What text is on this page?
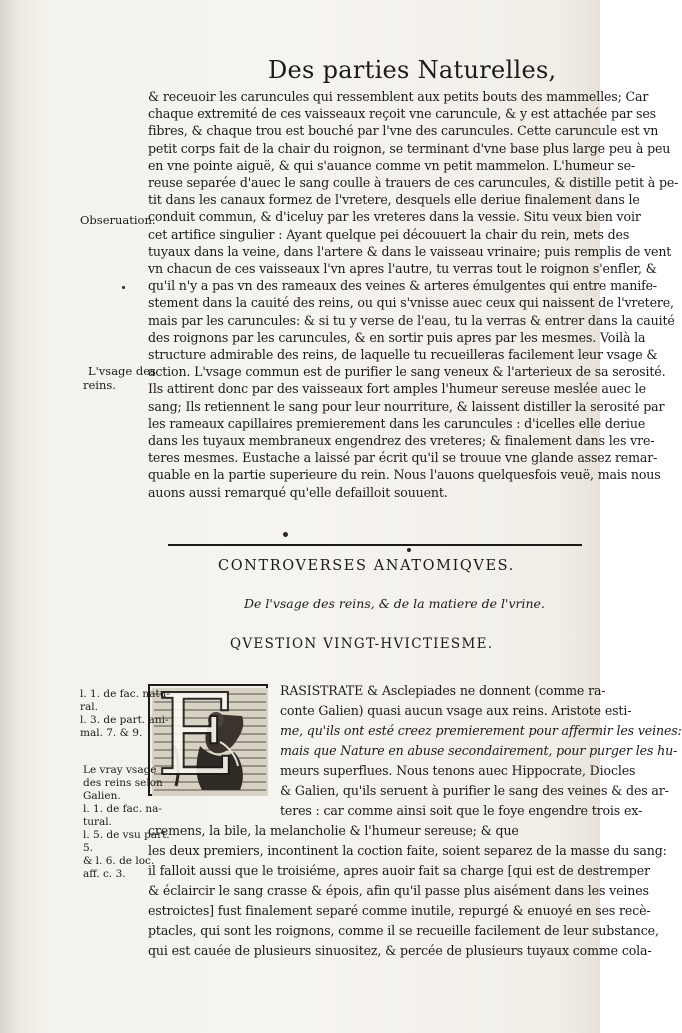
Des parties Naturelles,
& receuoir les caruncules qui ressemblent aux petits bouts des mammelles; Car
chaque extremité de ces vaisseaux reçoit vne caruncule, & y est attachée par ses
fibres, & chaque trou est bouché par l'vne des caruncules. Cette caruncule est vn
petit corps fait de la chair du roignon, se terminant d'vne base plus large peu à peu
en vne pointe aiguë, & qui s'auance comme vn petit mammelon. L'humeur se-
reuse separée d'auec le sang coulle à trauers de ces caruncules, & distille petit à pe-
tit dans les canaux formez de l'vretere, desquels elle deriue finalement dans le
conduit commun, & d'iceluy par les vreteres dans la vessie. Situ veux bien voir
cet artifice singulier : Ayant quelque pei découuert la chair du rein, mets des
tuyaux dans la veine, dans l'artere & dans le vaisseau vrinaire; puis remplis de vent
vn chacun de ces vaisseaux l'vn apres l'autre, tu verras tout le roignon s'enfler, &
qu'il n'y a pas vn des rameaux des veines & arteres émulgentes qui entre manife-
stement dans la cauité des reins, ou qui s'vnisse auec ceux qui naissent de l'vretere,
mais par les caruncules: & si tu y verse de l'eau, tu la verras & entrer dans la cauité
des roignons par les caruncules, & en sortir puis apres par les mesmes. Voilà la
structure admirable des reins, de laquelle tu recueilleras facilement leur vsage &
action. L'vsage commun est de purifier le sang veneux & l'arterieux de sa serosité.
Ils attirent donc par des vaisseaux fort amples l'humeur sereuse meslée auec le
sang; Ils retiennent le sang pour leur nourriture, & laissent distiller la serosité par
les rameaux capillaires premierement dans les caruncules : d'icelles elle deriue
dans les tuyaux membraneux engendrez des vreteres; & finalement dans les vre-
teres mesmes. Eustache a laissé par écrit qu'il se trouue vne glande assez remar-
quable en la partie superieure du rein. Nous l'auons quelquesfois veuë, mais nous
auons aussi remarqué qu'elle defailloit souuent.
Obseruation.
L'vsage des
reins.
CONTROVERSES ANATOMIQVES.
De l'vsage des reins, & de la matiere de l'vrine.
QVESTION VINGT-HVICTIESME.
E
l. 1. de fac. natu-
ral.
l. 3. de part. ani-
mal. 7. & 9.
Le vray vsage
des reins selon
Galien.
l. 1. de fac. na-
tural.
l. 5. de vsu part.
5.
& l. 6. de loc.
aff. c. 3.
RASISTRATE & Asclepiades ne donnent (comme ra-
conte Galien) quasi aucun vsage aux reins. Aristote esti-
me, qu'ils ont esté creez premierement pour affermir les veines:
mais que Nature en abuse secondairement, pour purger les hu-
meurs superflues. Nous tenons auec Hippocrate, Diocles
& Galien, qu'ils seruent à purifier le sang des veines & des ar-
teres : car comme ainsi soit que le foye engendre trois ex-
cremens, la bile, la melancholie & l'humeur sereuse; & que
les deux premiers, incontinent la coction faite, soient separez de la masse du sang:
il falloit aussi que le troisiéme, apres auoir fait sa charge [qui est de destremper
& éclaircir le sang crasse & épois, afin qu'il passe plus aisément dans les veines
estroictes] fust finalement separé comme inutile, repurgé & enuoyé en ses recè-
ptacles, qui sont les roignons, comme il se recueille facilement de leur substance,
qui est cauée de plusieurs sinuositez, & percée de plusieurs tuyaux comme cola-
